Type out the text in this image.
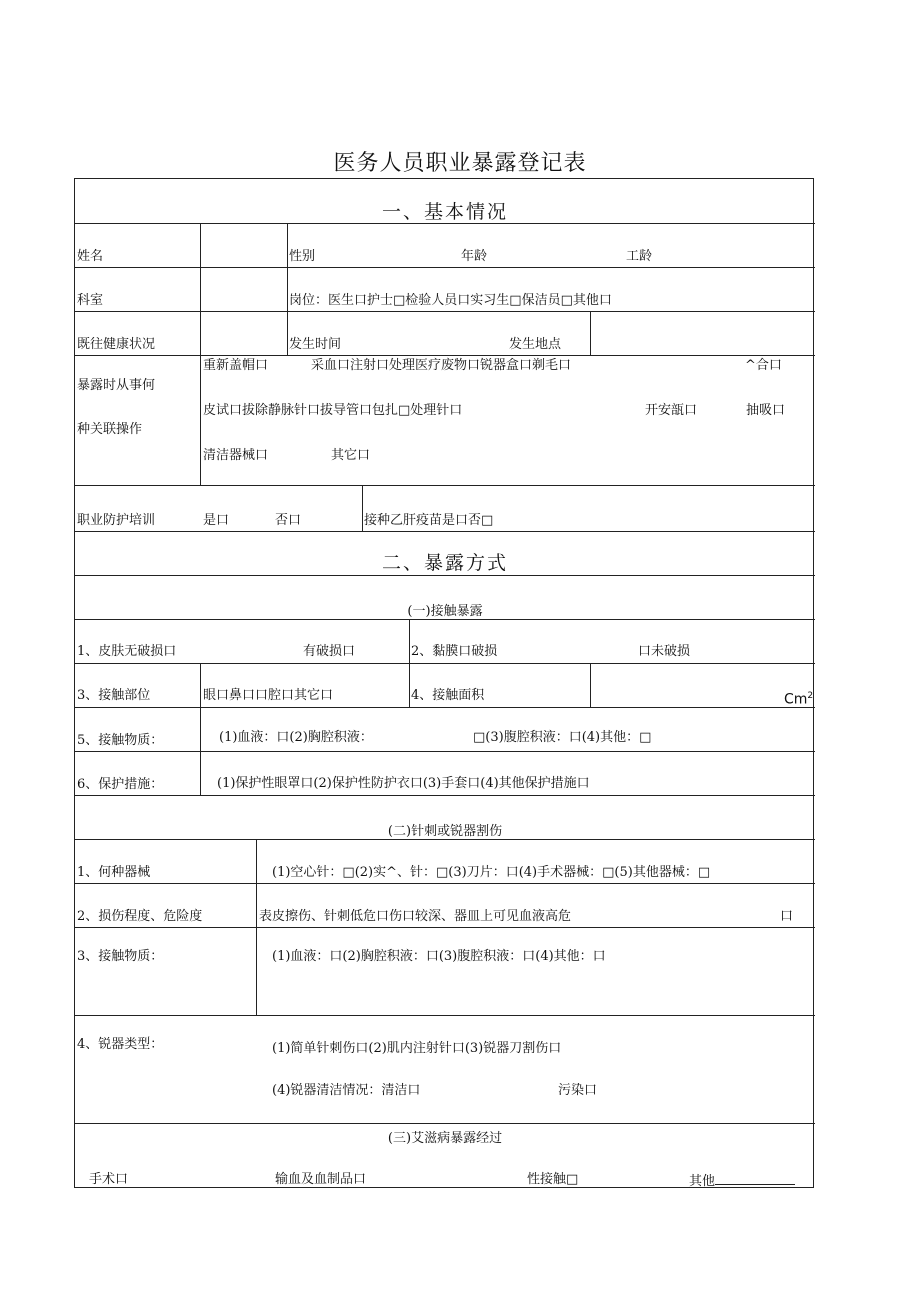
医务人员职业暴露登记表
一、基本情况
姓名	性别	年龄	工龄
科室	岗位：医生口护士□检验人员口实习生□保洁员□其他口
既往健康状况	发生时间	发生地点
暴露时从事何
种关联操作
重新盖帽口	采血口注射口处理医疗废物口锐器盒口剃毛口	^合口
皮试口拔除静脉针口拔导管口包扎□处理针口	开安瓿口	抽吸口
清洁器械口	其它口
职业防护培训	是口	否口	接种乙肝疫苗是口否□
二、暴露方式
(一)接触暴露
1、皮肤无破损口	有破损口	2、黏膜口破损	口未破损
3、接触部位	眼口鼻口口腔口其它口	4、接触面积	Cm$^2$
5、接触物质：	(1)血液：口(2)胸腔积液：	□(3)腹腔积液：口(4)其他：□
6、保护措施：	(1)保护性眼罩口(2)保护性防护衣口(3)手套口(4)其他保护措施口
(二)针刺或锐器割伤
1、何种器械	(1)空心针：□(2)实^、针：□(3)刀片：口(4)手术器械：□(5)其他器械：□
2、损伤程度、危险度	表皮擦伤、针刺低危口伤口较深、器皿上可见血液高危	口
3、接触物质：	(1)血液：口(2)胸腔积液：口(3)腹腔积液：口(4)其他：口
4、锐器类型：	(1)简单针刺伤口(2)肌内注射针口(3)锐器刀割伤口
(4)锐器清洁情况：清洁口	污染口
(三)艾滋病暴露经过
手术口	输血及血制品口	性接触□	其他
